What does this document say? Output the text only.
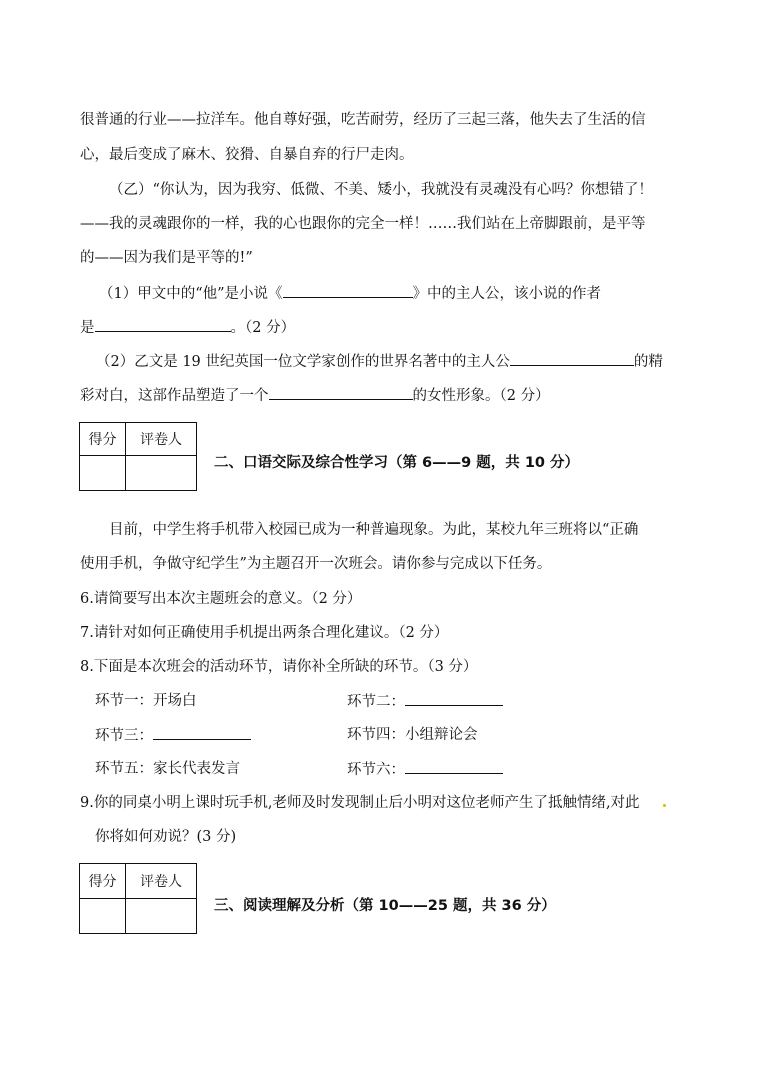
很普通的行业——拉洋车。他自尊好强，吃苦耐劳，经历了三起三落，他失去了生活的信
心，最后变成了麻木、狡猾、自暴自弃的行尸走肉。
（乙）“你认为，因为我穷、低微、不美、矮小，我就没有灵魂没有心吗？你想错了！
——我的灵魂跟你的一样，我的心也跟你的完全一样！……我们站在上帝脚跟前，是平等
的——因为我们是平等的!”
（1）甲文中的“他”是小说《	》中的主人公，该小说的作者
是	。（2 分）
（2）乙文是 19 世纪英国一位文学家创作的世界名著中的主人公	的精
彩对白，这部作品塑造了一个	的女性形象。（2 分）
得分	评卷人

二、口语交际及综合性学习（第 6——9 题，共 10 分）
目前，中学生将手机带入校园已成为一种普遍现象。为此，某校九年三班将以“正确
使用手机，争做守纪学生”为主题召开一次班会。请你参与完成以下任务。
6.请简要写出本次主题班会的意义。（2 分）
7.请针对如何正确使用手机提出两条合理化建议。（2 分）
8.下面是本次班会的活动环节，请你补全所缺的环节。（3 分）
环节一：开场白	环节二：
环节三：	环节四：小组辩论会
环节五：家长代表发言	环节六：
9.你的同桌小明上课时玩手机,老师及时发现制止后小明对这位老师产生了抵触情绪,对此
你将如何劝说？(3 分)
得分	评卷人

三、阅读理解及分析（第 10——25 题，共 36 分）
